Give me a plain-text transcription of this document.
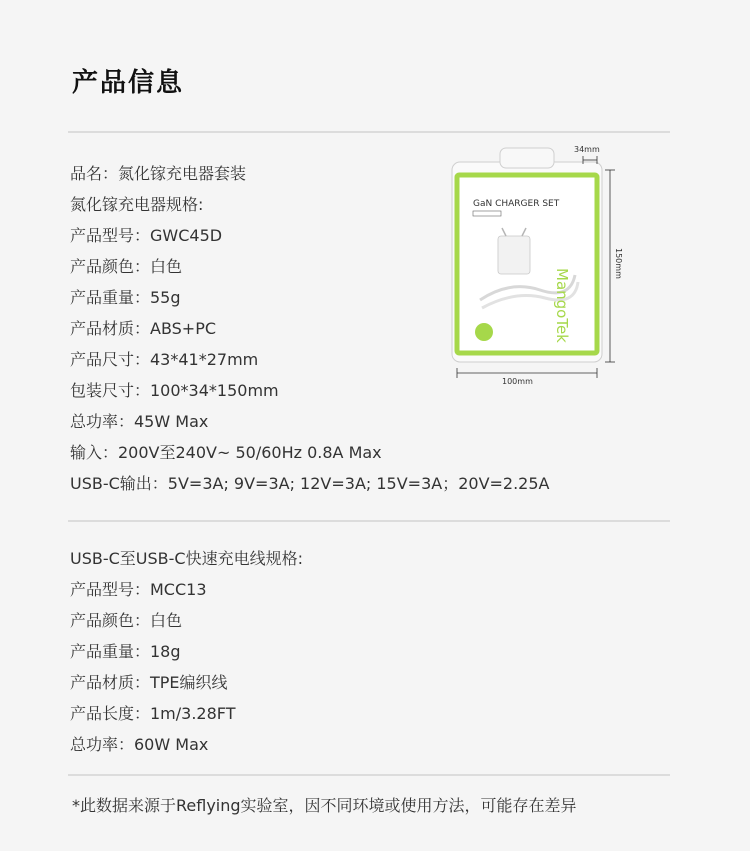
产品信息
品名：氮化镓充电器套装
氮化镓充电器规格:
产品型号：GWC45D
产品颜色：白色
产品重量：55g
产品材质：ABS+PC
产品尺寸：43*41*27mm
包装尺寸：100*34*150mm
总功率：45W Max
输入：200V至240V~ 50/60Hz 0.8A Max
USB-C输出：5V=3A; 9V=3A; 12V=3A; 15V=3A；20V=2.25A
USB-C至USB-C快速充电线规格:
产品型号：MCC13
产品颜色：白色
产品重量：18g
产品材质：TPE编织线
产品长度：1m/3.28FT
总功率：60W Max
*此数据来源于Reflying实验室，因不同环境或使用方法，可能存在差异
GaN CHARGER SET
MangoTek
34mm
150mm
100mm
